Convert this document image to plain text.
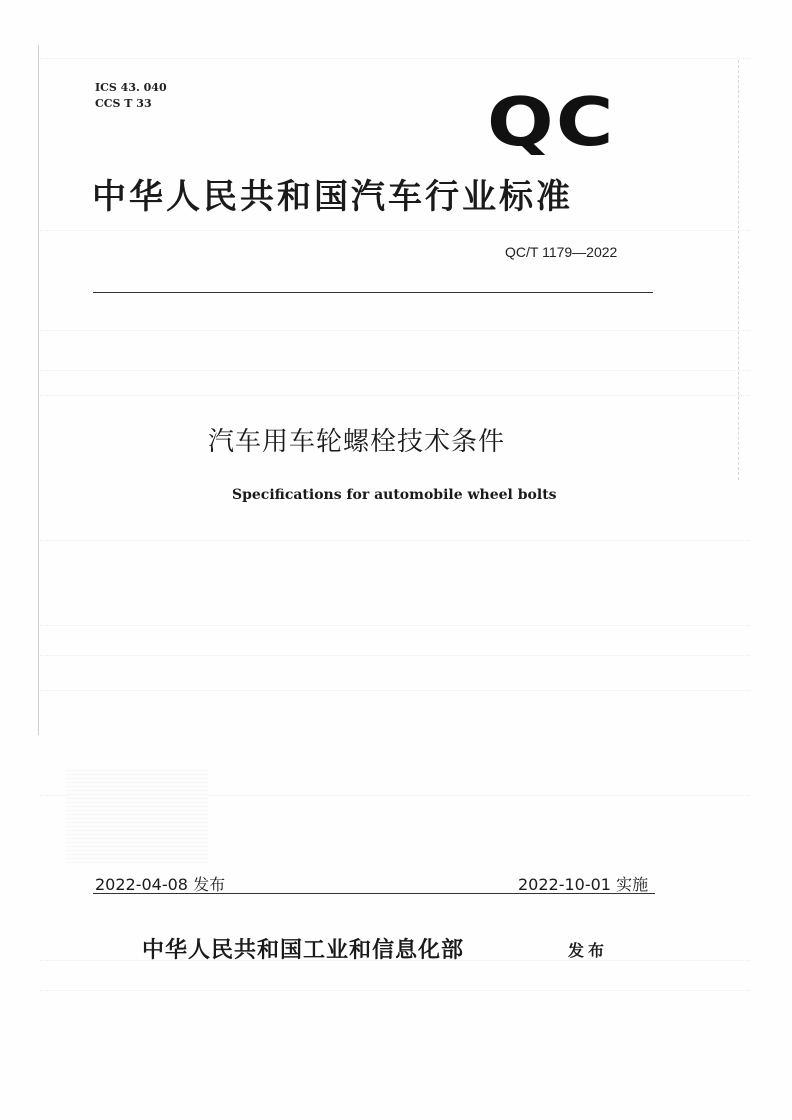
ICS 43. 040
CCS T 33	QC
中华人民共和国汽车行业标准
QC/T 1179—2022
汽车用车轮螺栓技术条件
Specifications for automobile wheel bolts
2022-04-08 发布	2022-10-01 实施
中华人民共和国工业和信息化部	发布
